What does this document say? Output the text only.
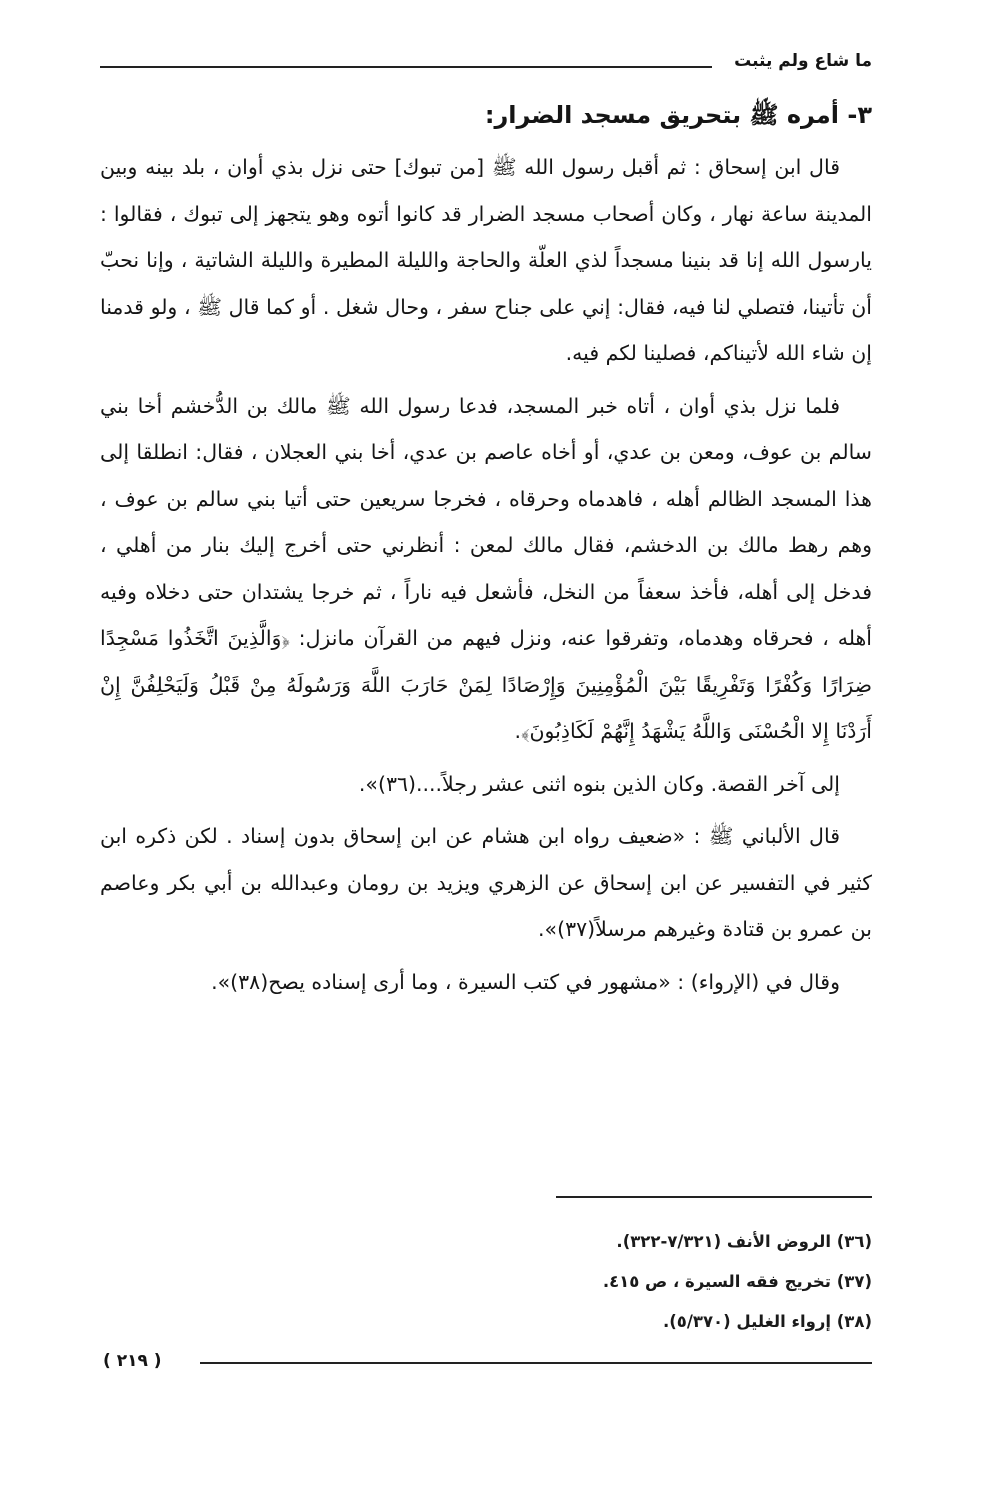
ما شاع ولم يثبت
٣- أمره ﷺ بتحريق مسجد الضرار:

قال ابن إسحاق : ثم أقبل رسول الله ﷺ [من تبوك] حتى نزل بذي أوان ، بلد بينه وبين المدينة ساعة نهار ، وكان أصحاب مسجد الضرار قد كانوا أتوه وهو يتجهز إلى تبوك ، فقالوا : يارسول الله إنا قد بنينا مسجداً لذي العلّة والحاجة والليلة المطيرة والليلة الشاتية ، وإنا نحبّ أن تأتينا، فتصلي لنا فيه، فقال: إني على جناح سفر ، وحال شغل . أو كما قال ﷺ ، ولو قدمنا إن شاء الله لأتيناكم، فصلينا لكم فيه.

فلما نزل بذي أوان ، أتاه خبر المسجد، فدعا رسول الله ﷺ مالك بن الدُّخشم أخا بني سالم بن عوف، ومعن بن عدي، أو أخاه عاصم بن عدي، أخا بني العجلان ، فقال: انطلقا إلى هذا المسجد الظالم أهله ، فاهدماه وحرقاه ، فخرجا سريعين حتى أتيا بني سالم بن عوف ، وهم رهط مالك بن الدخشم، فقال مالك لمعن : أنظرني حتى أخرج إليك بنار من أهلي ، فدخل إلى أهله، فأخذ سعفاً من النخل، فأشعل فيه ناراً ، ثم خرجا يشتدان حتى دخلاه وفيه أهله ، فحرقاه وهدماه، وتفرقوا عنه، ونزل فيهم من القرآن مانزل: ﴿وَالَّذِينَ اتَّخَذُوا مَسْجِدًا ضِرَارًا وَكُفْرًا وَتَفْرِيقًا بَيْنَ الْمُؤْمِنِينَ وَإِرْصَادًا لِمَنْ حَارَبَ اللَّهَ وَرَسُولَهُ مِنْ قَبْلُ وَلَيَحْلِفُنَّ إِنْ أَرَدْنَا إِلا الْحُسْنَى وَاللَّهُ يَشْهَدُ إِنَّهُمْ لَكَاذِبُونَ﴾.

إلى آخر القصة. وكان الذين بنوه اثنى عشر رجلاً....(٣٦)».

قال الألباني ﷺ : «ضعيف رواه ابن هشام عن ابن إسحاق بدون إسناد . لكن ذكره ابن كثير في التفسير عن ابن إسحاق عن الزهري ويزيد بن رومان وعبدالله بن أبي بكر وعاصم بن عمرو بن قتادة وغيرهم مرسلاً(٣٧)».

وقال في (الإرواء) : «مشهور في كتب السيرة ، وما أرى إسناده يصح(٣٨)».

(٣٦) الروض الأنف (٧/٣٢١-٣٢٢).
(٣٧) تخريج فقه السيرة ، ص ٤١٥.
(٣٨) إرواء الغليل (٥/٣٧٠).
( ٢١٩ )
